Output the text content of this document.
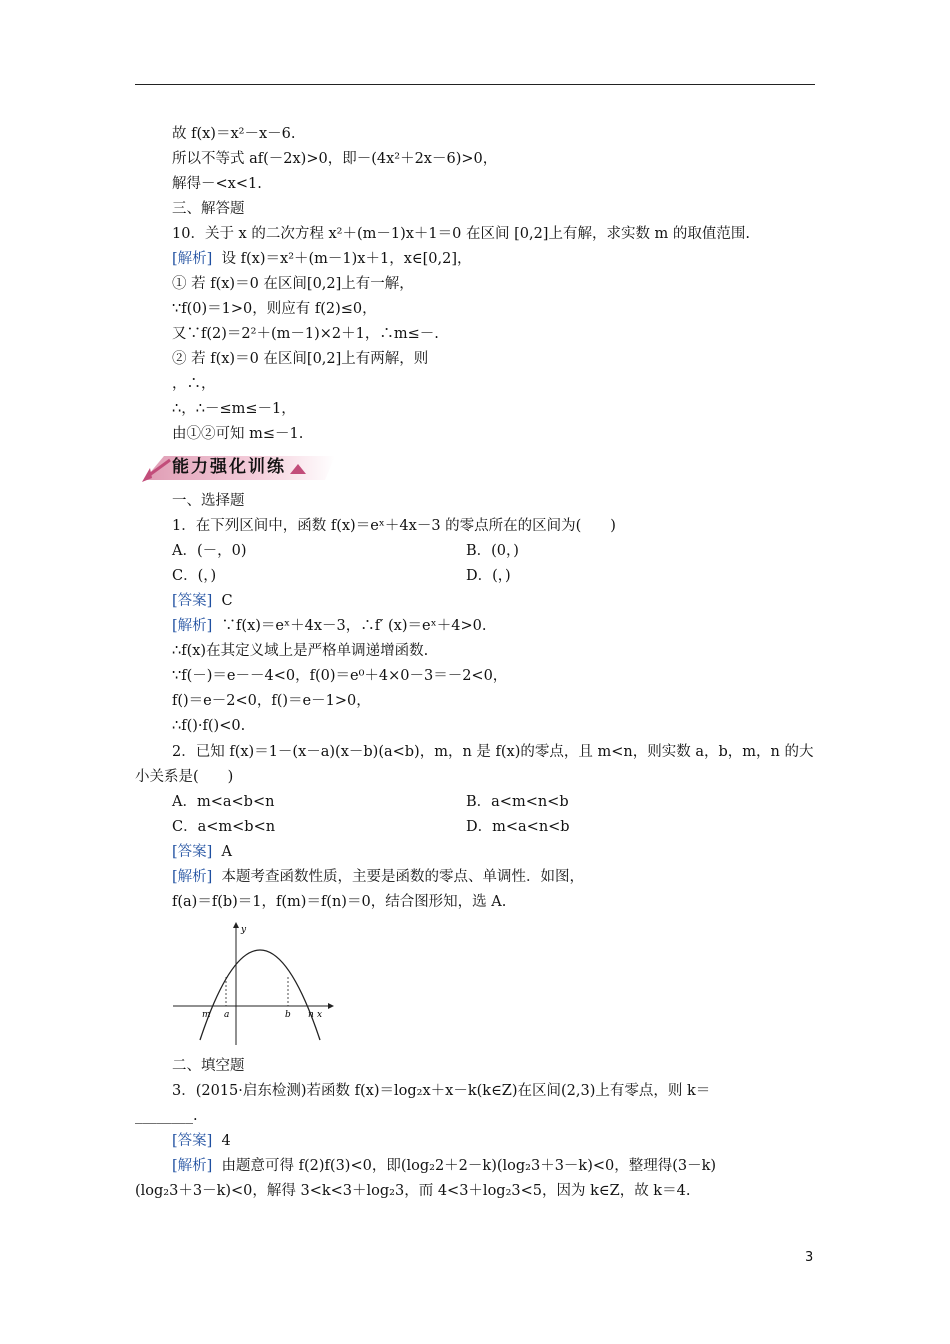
故 f(x)＝x²－x－6.
所以不等式 af(－2x)>0，即－(4x²＋2x－6)>0，
解得－<x<1.
三、解答题
10．关于 x 的二次方程 x²＋(m－1)x＋1＝0 在区间 [0,2]上有解，求实数 m 的取值范围.
[解析]  设 f(x)＝x²＋(m－1)x＋1，x∈[0,2]，
① 若 f(x)＝0 在区间[0,2]上有一解，
∵f(0)＝1>0，则应有 f(2)≤0，
又∵f(2)＝2²＋(m－1)×2＋1，∴m≤－.
② 若 f(x)＝0 在区间[0,2]上有两解，则
，∴，
∴，∴－≤m≤－1，
由①②可知 m≤－1.
能力强化训练
一、选择题
1．在下列区间中，函数 f(x)＝eˣ＋4x－3 的零点所在的区间为(　　)
A．(－，0)	B．(0，)
C．(，)	D．(，)
[答案]  C
[解析]  ∵f(x)＝eˣ＋4x－3，∴f′ (x)＝eˣ＋4>0.
∴f(x)在其定义域上是严格单调递增函数.
∵f(－)＝e－－4<0，f(0)＝e⁰＋4×0－3＝－2<0，
f()＝e－2<0，f()＝e－1>0，
∴f()·f()<0.
2．已知 f(x)＝1－(x－a)(x－b)(a<b)，m，n 是 f(x)的零点，且 m<n，则实数 a，b，m，n 的大
小关系是(　　)
A．m<a<b<n	B．a<m<n<b
C．a<m<b<n	D．m<a<n<b
[答案]  A
[解析]  本题考查函数性质，主要是函数的零点、单调性．如图，
f(a)＝f(b)＝1，f(m)＝f(n)＝0，结合图形知，选 A.
y
x
m a	b n
二、填空题
3．(2015·启东检测)若函数 f(x)＝log₂x＋x－k(k∈Z)在区间(2,3)上有零点，则 k＝
________.
[答案]  4
[解析]  由题意可得 f(2)f(3)<0，即(log₂2＋2－k)(log₂3＋3－k)<0，整理得(3－k)
(log₂3＋3－k)<0，解得 3<k<3＋log₂3，而 4<3＋log₂3<5，因为 k∈Z，故 k＝4.
3
